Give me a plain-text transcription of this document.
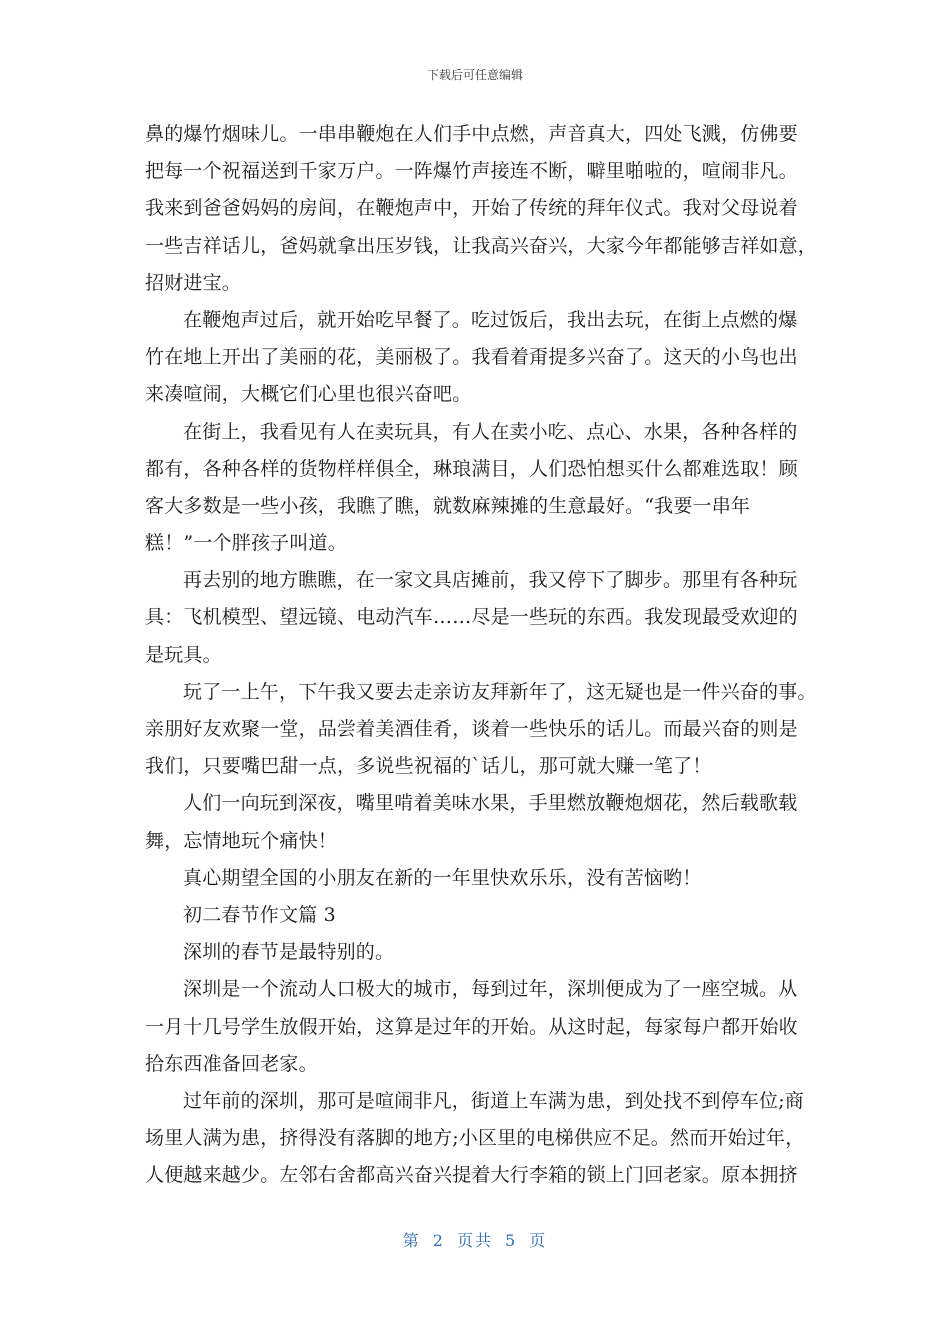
下载后可任意编辑
鼻的爆竹烟味儿。一串串鞭炮在人们手中点燃，声音真大，四处飞溅，仿佛要
把每一个祝福送到千家万户。一阵爆竹声接连不断，噼里啪啦的，喧闹非凡。
我来到爸爸妈妈的房间，在鞭炮声中，开始了传统的拜年仪式。我对父母说着
一些吉祥话儿，爸妈就拿出压岁钱，让我高兴奋兴，大家今年都能够吉祥如意，
招财进宝。
在鞭炮声过后，就开始吃早餐了。吃过饭后，我出去玩，在街上点燃的爆
竹在地上开出了美丽的花，美丽极了。我看着甭提多兴奋了。这天的小鸟也出
来凑喧闹，大概它们心里也很兴奋吧。
在街上，我看见有人在卖玩具，有人在卖小吃、点心、水果，各种各样的
都有，各种各样的货物样样俱全，琳琅满目，人们恐怕想买什么都难选取！顾
客大多数是一些小孩，我瞧了瞧，就数麻辣摊的生意最好。“我要一串年
糕！”一个胖孩子叫道。
再去别的地方瞧瞧，在一家文具店摊前，我又停下了脚步。那里有各种玩
具：飞机模型、望远镜、电动汽车……尽是一些玩的东西。我发现最受欢迎的
是玩具。
玩了一上午，下午我又要去走亲访友拜新年了，这无疑也是一件兴奋的事。
亲朋好友欢聚一堂，品尝着美酒佳肴，谈着一些快乐的话儿。而最兴奋的则是
我们，只要嘴巴甜一点，多说些祝福的`话儿，那可就大赚一笔了！
人们一向玩到深夜，嘴里啃着美味水果，手里燃放鞭炮烟花，然后载歌载
舞，忘情地玩个痛快！
真心期望全国的小朋友在新的一年里快欢乐乐，没有苦恼哟！
初二春节作文篇 3
深圳的春节是最特别的。
深圳是一个流动人口极大的城市，每到过年，深圳便成为了一座空城。从
一月十几号学生放假开始，这算是过年的开始。从这时起，每家每户都开始收
拾东西准备回老家。
过年前的深圳，那可是喧闹非凡，街道上车满为患，到处找不到停车位;商
场里人满为患，挤得没有落脚的地方;小区里的电梯供应不足。然而开始过年，
人便越来越少。左邻右舍都高兴奋兴提着大行李箱的锁上门回老家。原本拥挤
第 2 页共 5 页
